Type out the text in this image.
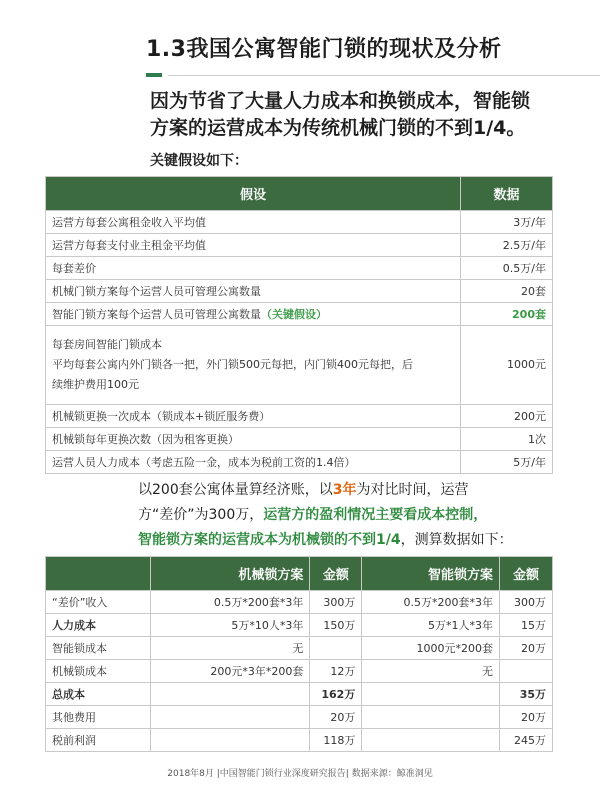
1.3我国公寓智能门锁的现状及分析
因为节省了大量人力成本和换锁成本，智能锁
方案的运营成本为传统机械门锁的不到1/4。
关键假设如下：
假设	数据
运营方每套公寓租金收入平均值	3万/年
运营方每套支付业主租金平均值	2.5万/年
每套差价	0.5万/年
机械门锁方案每个运营人员可管理公寓数量	20套
智能门锁方案每个运营人员可管理公寓数量（关键假设）	200套

每套房间智能门锁成本
平均每套公寓内外门锁各一把，外门锁500元每把，内门锁400元每把，后
续维护费用100元	1000元
机械锁更换一次成本（锁成本+锁匠服务费）	200元
机械锁每年更换次数（因为租客更换）	1次
运营人员人力成本（考虑五险一金，成本为税前工资的1.4倍）	5万/年
以200套公寓体量算经济账，以3年为对比时间，运营
方“差价”为300万，运营方的盈利情况主要看成本控制，
智能锁方案的运营成本为机械锁的不到1/4，测算数据如下：
	机械锁方案	金额	智能锁方案	金额
“差价”收入	0.5万*200套*3年	300万	0.5万*200套*3年	300万
人力成本	5万*10人*3年	150万	5万*1人*3年	15万
智能锁成本	无		1000元*200套	20万
机械锁成本	200元*3年*200套	12万	无	
总成本		162万		35万
其他费用		20万		20万
税前利润		118万		245万
2018年8月 |中国智能门锁行业深度研究报告| 数据来源：鲸准洞见
